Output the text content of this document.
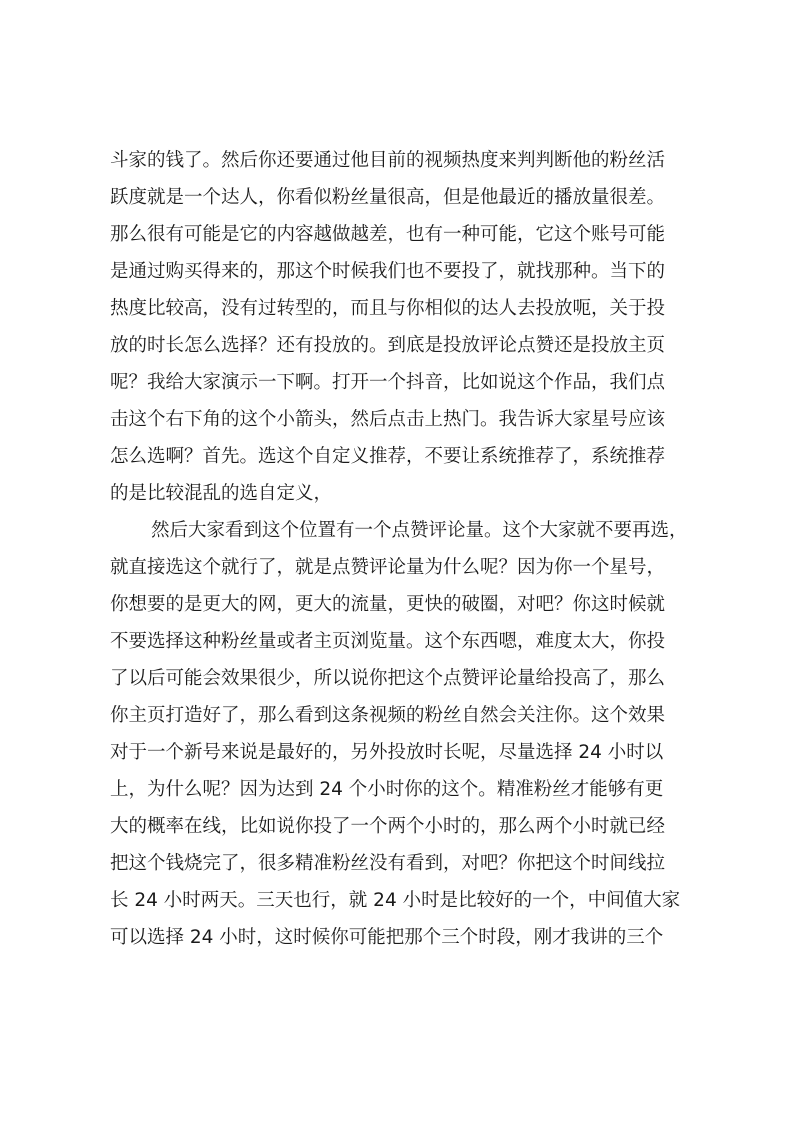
斗家的钱了。然后你还要通过他目前的视频热度来判判断他的粉丝活
跃度就是一个达人，你看似粉丝量很高，但是他最近的播放量很差。
那么很有可能是它的内容越做越差，也有一种可能，它这个账号可能
是通过购买得来的，那这个时候我们也不要投了，就找那种。当下的
热度比较高，没有过转型的，而且与你相似的达人去投放呃，关于投
放的时长怎么选择？还有投放的。到底是投放评论点赞还是投放主页
呢？我给大家演示一下啊。打开一个抖音，比如说这个作品，我们点
击这个右下角的这个小箭头，然后点击上热门。我告诉大家星号应该
怎么选啊？首先。选这个自定义推荐，不要让系统推荐了，系统推荐
的是比较混乱的选自定义，
然后大家看到这个位置有一个点赞评论量。这个大家就不要再选，
就直接选这个就行了，就是点赞评论量为什么呢？因为你一个星号，
你想要的是更大的网，更大的流量，更快的破圈，对吧？你这时候就
不要选择这种粉丝量或者主页浏览量。这个东西嗯，难度太大，你投
了以后可能会效果很少，所以说你把这个点赞评论量给投高了，那么
你主页打造好了，那么看到这条视频的粉丝自然会关注你。这个效果
对于一个新号来说是最好的，另外投放时长呢，尽量选择 24 小时以
上，为什么呢？因为达到 24 个小时你的这个。精准粉丝才能够有更
大的概率在线，比如说你投了一个两个小时的，那么两个小时就已经
把这个钱烧完了，很多精准粉丝没有看到，对吧？你把这个时间线拉
长 24 小时两天。三天也行，就 24 小时是比较好的一个，中间值大家
可以选择 24 小时，这时候你可能把那个三个时段，刚才我讲的三个
